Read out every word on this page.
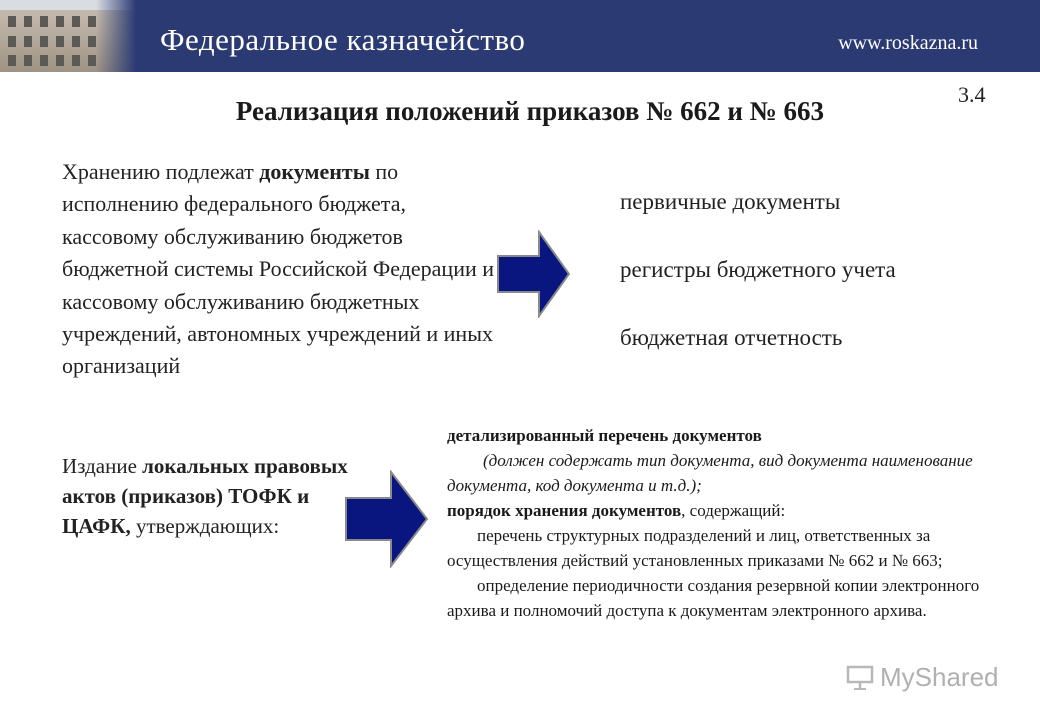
Федеральное казначейство	www.roskazna.ru
3.4
Реализация положений приказов № 662 и № 663
Хранению подлежат документы по исполнению федерального бюджета, кассовому обслуживанию бюджетов бюджетной системы Российской Федерации и кассовому обслуживанию бюджетных учреждений, автономных учреждений и иных организаций
первичные документы
регистры бюджетного учета
бюджетная отчетность
Издание локальных правовых актов (приказов) ТОФК и ЦАФК, утверждающих:

детализированный перечень документов

(должен содержать тип документа, вид документа наименование документа, код документа и т.д.);

порядок хранения документов, содержащий:

перечень структурных подразделений и лиц, ответственных за осуществления действий установленных приказами № 662 и № 663;

определение периодичности создания резервной копии электронного архива и полномочий доступа к документам электронного архива.

MyShared
